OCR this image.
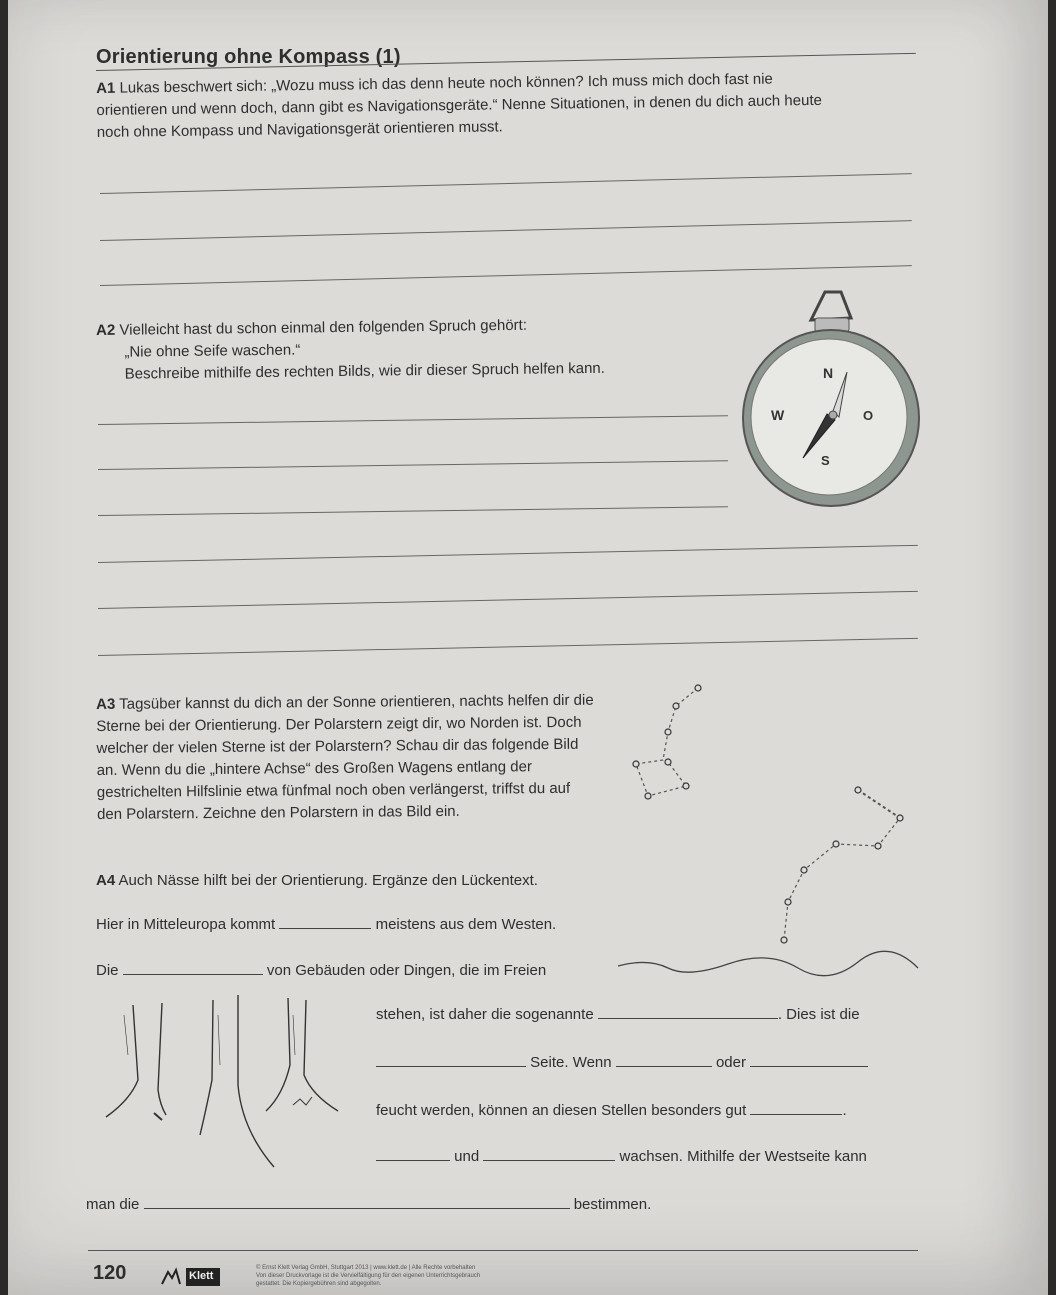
Orientierung ohne Kompass (1)
A1 Lukas beschwert sich: „Wozu muss ich das denn heute noch können? Ich muss mich doch fast nie orientieren und wenn doch, dann gibt es Navigationsgeräte.“ Nenne Situationen, in denen du dich auch heute noch ohne Kompass und Navigationsgerät orientieren musst.
A2 Vielleicht hast du schon einmal den folgenden Spruch gehört:
„Nie ohne Seife waschen.“
Beschreibe mithilfe des rechten Bilds, wie dir dieser Spruch helfen kann.	N
O
S
W
A3 Tagsüber kannst du dich an der Sonne orientieren, nachts helfen dir die Sterne bei der Orientierung. Der Polarstern zeigt dir, wo Norden ist. Doch welcher der vielen Sterne ist der Polarstern? Schau dir das folgende Bild an. Wenn du die „hintere Achse“ des Großen Wagens entlang der gestrichelten Hilfslinie etwa fünfmal noch oben verlängerst, triffst du auf den Polarstern. Zeichne den Polarstern in das Bild ein.
A4 Auch Nässe hilft bei der Orientierung. Ergänze den Lückentext.
Hier in Mitteleuropa kommt	meistens aus dem Westen.
Die	von Gebäuden oder Dingen, die im Freien
stehen, ist daher die sogenannte	. Dies ist die
Seite. Wenn	oder
feucht werden, können an diesen Stellen besonders gut	.
und	wachsen. Mithilfe der Westseite kann
man die	bestimmen.
120	Klett
© Ernst Klett Verlag GmbH, Stuttgart 2013 | www.klett.de | Alle Rechte vorbehalten
Von dieser Druckvorlage ist die Vervielfältigung für den eigenen Unterrichtsgebrauch
gestattet. Die Kopiergebühren sind abgegolten.
